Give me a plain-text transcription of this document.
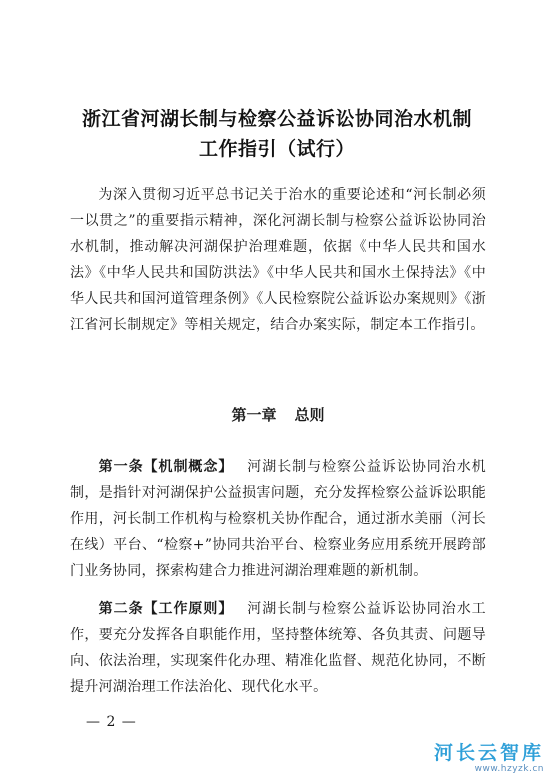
浙江省河湖长制与检察公益诉讼协同治水机制
工作指引（试行）
为深入贯彻习近平总书记关于治水的重要论述和“河长制必须一以贯之”的重要指示精神，深化河湖长制与检察公益诉讼协同治水机制，推动解决河湖保护治理难题，依据《中华人民共和国水法》《中华人民共和国防洪法》《中华人民共和国水土保持法》《中华人民共和国河道管理条例》《人民检察院公益诉讼办案规则》《浙江省河长制规定》等相关规定，结合办案实际，制定本工作指引。
第一章 总则
第一条【机制概念】 河湖长制与检察公益诉讼协同治水机制，是指针对河湖保护公益损害问题，充分发挥检察公益诉讼职能作用，河长制工作机构与检察机关协作配合，通过浙水美丽（河长在线）平台、“检察+”协同共治平台、检察业务应用系统开展跨部门业务协同，探索构建合力推进河湖治理难题的新机制。
第二条【工作原则】 河湖长制与检察公益诉讼协同治水工作，要充分发挥各自职能作用，坚持整体统筹、各负其责、问题导向、依法治理，实现案件化办理、精准化监督、规范化协同，不断提升河湖治理工作法治化、现代化水平。
— 2 —
河长云智库
www.hzyzk.cn
